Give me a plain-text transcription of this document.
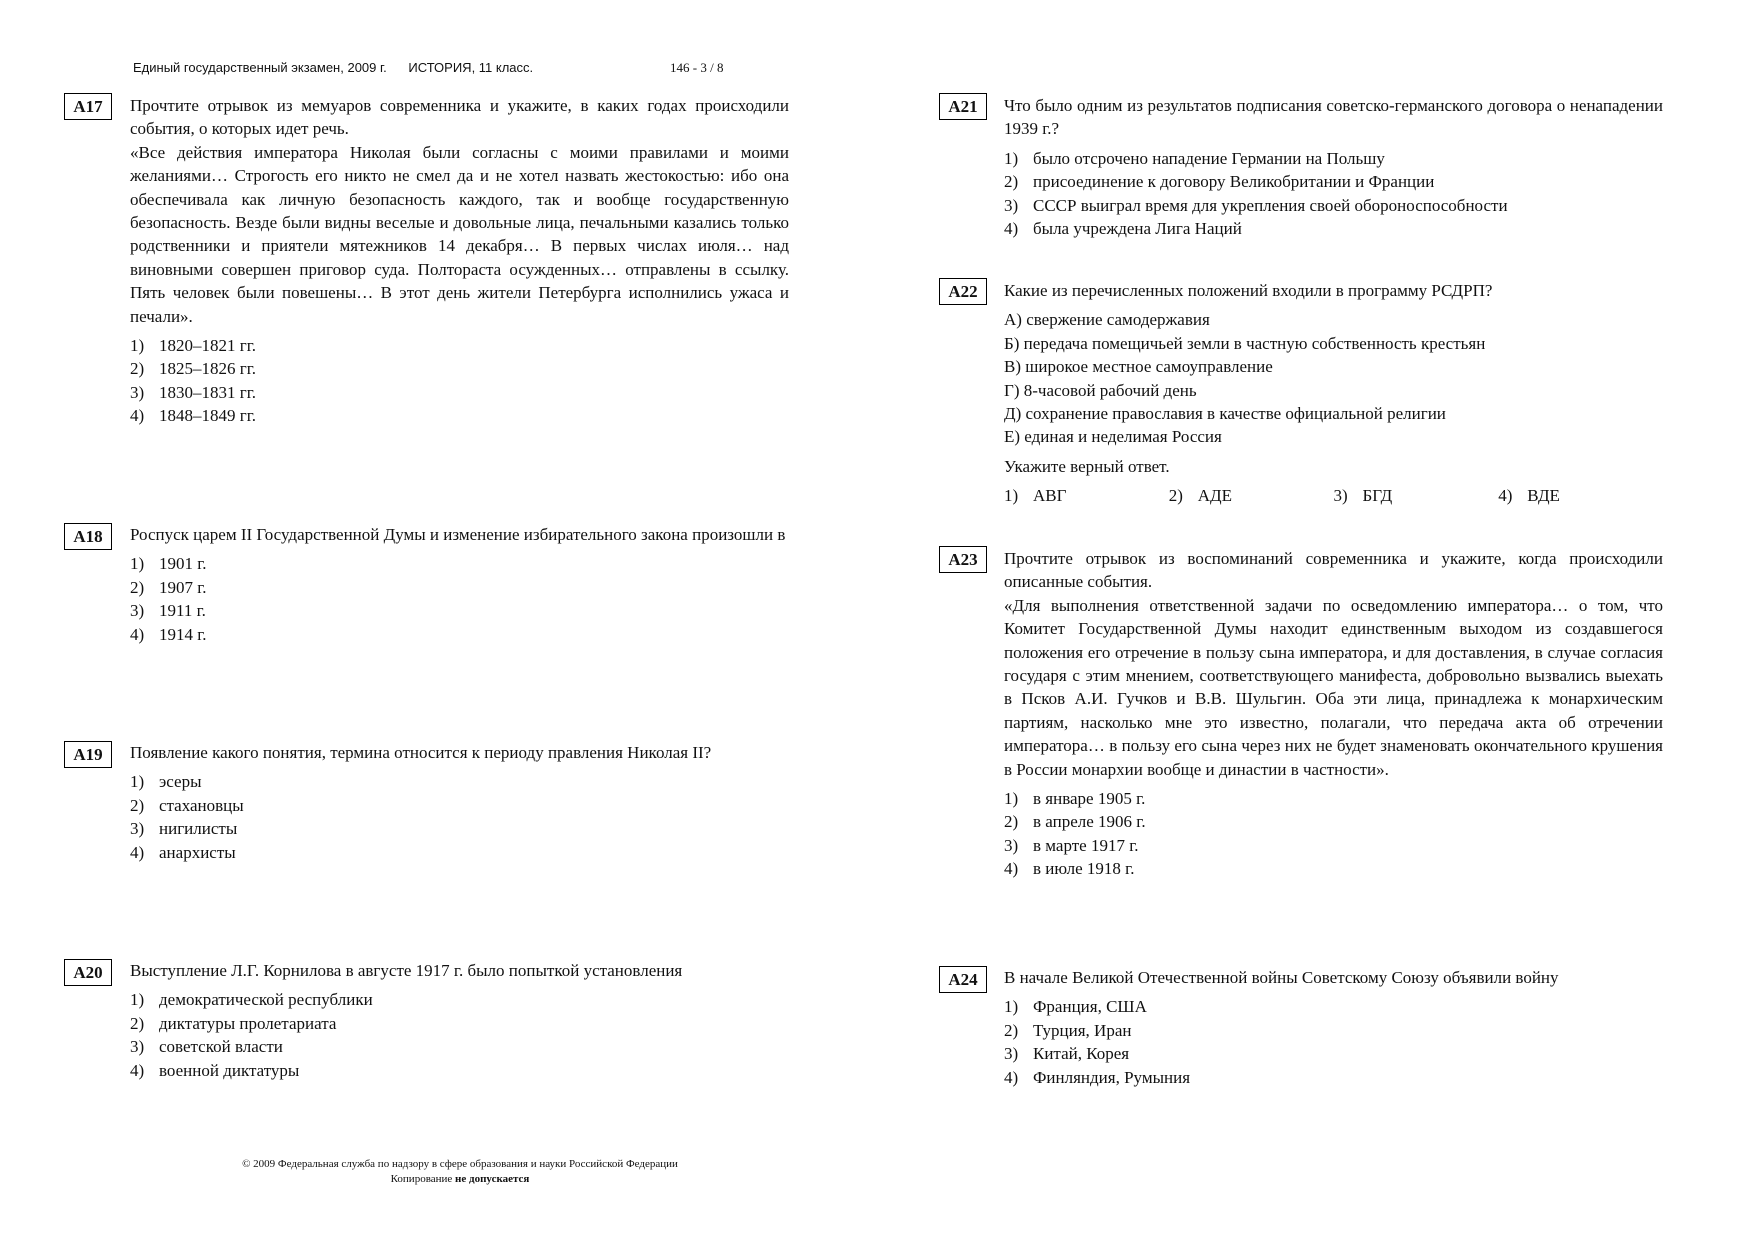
Единый государственный экзамен, 2009 г. ИСТОРИЯ, 11 класс.	146 - 3 / 8
А17	Прочтите отрывок из мемуаров современника и укажите, в каких годах происходили события, о которых идет речь.
«Все действия императора Николая были согласны с моими правилами и моими желаниями… Строгость его никто не смел да и не хотел назвать жестокостью: ибо она обеспечивала как личную безопасность каждого, так и вообще государственную безопасность. Везде были видны веселые и довольные лица, печальными казались только родственники и приятели мятежников 14 декабря… В первых числах июля… над виновными совершен приговор суда. Полтораста осужденных… отправлены в ссылку. Пять человек были повешены… В этот день жители Петербурга исполнились ужаса и печали».
1) 1820–1821 гг.
2) 1825–1826 гг.
3) 1830–1831 гг.
4) 1848–1849 гг.
А18	Роспуск царем II Государственной Думы и изменение избирательного закона произошли в
1) 1901 г.
2) 1907 г.
3) 1911 г.
4) 1914 г.
А19	Появление какого понятия, термина относится к периоду правления Николая II?
1) эсеры
2) стахановцы
3) нигилисты
4) анархисты
А20	Выступление Л.Г. Корнилова в августе 1917 г. было попыткой установления
1) демократической республики
2) диктатуры пролетариата
3) советской власти
4) военной диктатуры
А21	Что было одним из результатов подписания советско-германского договора о ненападении 1939 г.?
1) было отсрочено нападение Германии на Польшу
2) присоединение к договору Великобритании и Франции
3) СССР выиграл время для укрепления своей обороноспособности
4) была учреждена Лига Наций
А22	Какие из перечисленных положений входили в программу РСДРП?
А) свержение самодержавия
Б) передача помещичьей земли в частную собственность крестьян
В) широкое местное самоуправление
Г) 8-часовой рабочий день
Д) сохранение православия в качестве официальной религии
Е) единая и неделимая Россия
Укажите верный ответ.
1) АВГ	2) АДЕ	3) БГД	4) ВДЕ
А23	Прочтите отрывок из воспоминаний современника и укажите, когда происходили описанные события.
«Для выполнения ответственной задачи по осведомлению императора… о том, что Комитет Государственной Думы находит единственным выходом из создавшегося положения его отречение в пользу сына императора, и для доставления, в случае согласия государя с этим мнением, соответствующего манифеста, добровольно вызвались выехать в Псков А.И. Гучков и В.В. Шульгин. Оба эти лица, принадлежа к монархическим партиям, насколько мне это известно, полагали, что передача акта об отречении императора… в пользу его сына через них не будет знаменовать окончательного крушения в России монархии вообще и династии в частности».
1) в январе 1905 г.
2) в апреле 1906 г.
3) в марте 1917 г.
4) в июле 1918 г.
А24	В начале Великой Отечественной войны Советскому Союзу объявили войну
1) Франция, США
2) Турция, Иран
3) Китай, Корея
4) Финляндия, Румыния
© 2009 Федеральная служба по надзору в сфере образования и науки Российской Федерации
Копирование не допускается
